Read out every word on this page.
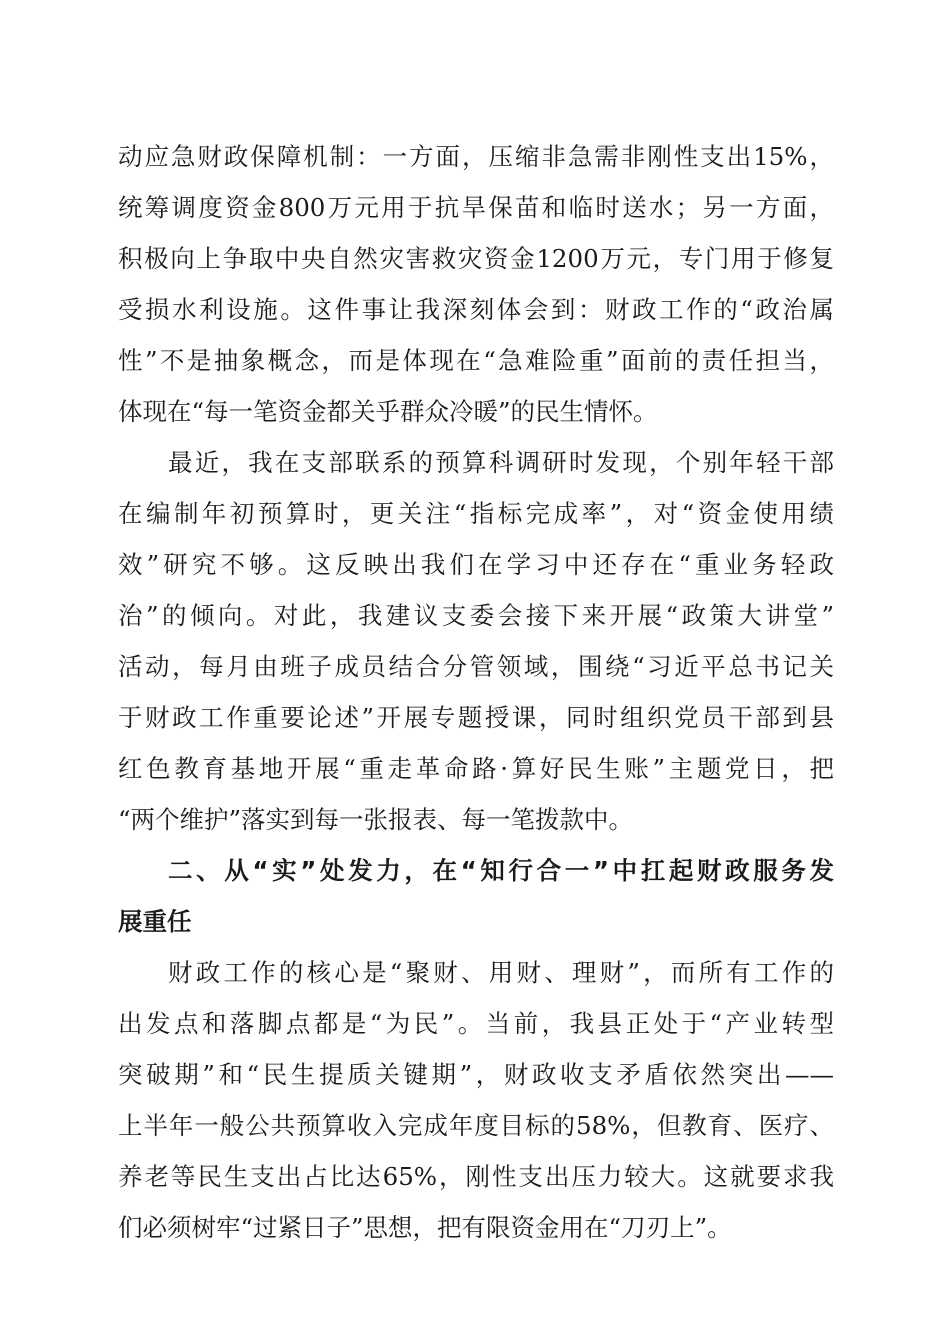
动应急财政保障机制：一方面，压缩非急需非刚性支出15%，
统筹调度资金800万元用于抗旱保苗和临时送水；另一方面，
积极向上争取中央自然灾害救灾资金1200万元，专门用于修复
受损水利设施。这件事让我深刻体会到：财政工作的“政治属
性”不是抽象概念，而是体现在“急难险重”面前的责任担当，
体现在“每一笔资金都关乎群众冷暖”的民生情怀。
最近，我在支部联系的预算科调研时发现，个别年轻干部
在编制年初预算时，更关注“指标完成率”，对“资金使用绩
效”研究不够。这反映出我们在学习中还存在“重业务轻政
治”的倾向。对此，我建议支委会接下来开展“政策大讲堂”
活动，每月由班子成员结合分管领域，围绕“习近平总书记关
于财政工作重要论述”开展专题授课，同时组织党员干部到县
红色教育基地开展“重走革命路·算好民生账”主题党日，把
“两个维护”落实到每一张报表、每一笔拨款中。
二、从“实”处发力，在“知行合一”中扛起财政服务发
展重任
财政工作的核心是“聚财、用财、理财”，而所有工作的
出发点和落脚点都是“为民”。当前，我县正处于“产业转型
突破期”和“民生提质关键期”，财政收支矛盾依然突出——
上半年一般公共预算收入完成年度目标的58%，但教育、医疗、
养老等民生支出占比达65%，刚性支出压力较大。这就要求我
们必须树牢“过紧日子”思想，把有限资金用在“刀刃上”。
